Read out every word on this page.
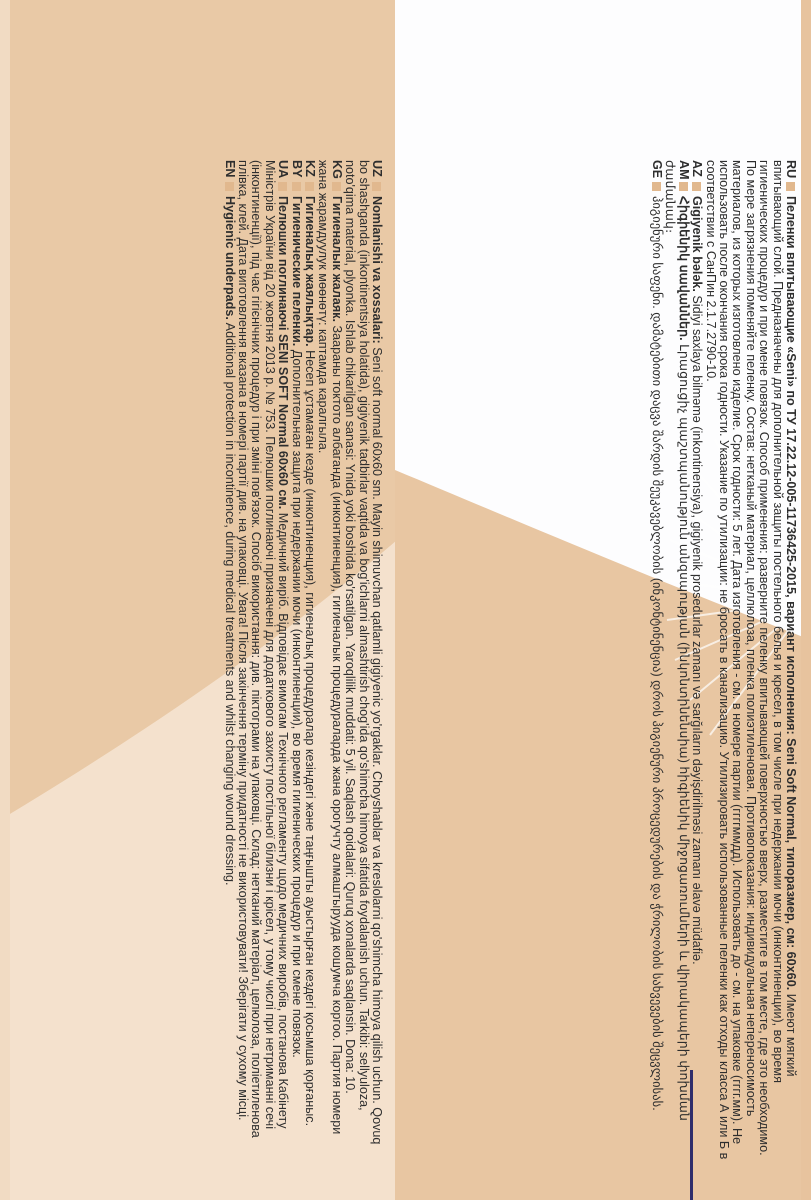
RUПеленки впитывающие «Seni» по ТУ 17.22.12-005-11736425-2015, вариант исполнения: Seni Soft Normal, типоразмер, см: 60х60. Имеют мягкий впитывающий слой. Предназначены для дополнительной защиты постельного белья и кресел, в том числе при недержании мочи (инконтиненции), во время гигиенических процедур и при смене повязок. Способ применения: разверните пеленку впитывающей поверхностью вверх, разместите в том месте, где это необходимо. По мере загрязнения поменяйте пеленку. Состав: нетканый материал, целлюлоза, пленка полиэтиленовая. Противопоказания: индивидуальная непереносимость материалов, из которых изготовлено изделие. Срок годности: 5 лет. Дата изготовления - см. в номере партии (ггггммдд). Использовать до - см. на упаковке (гггг.мм). Не использовать после окончания срока годности. Указание по утилизации: не бросать в канализацию. Утилизировать использованные пеленки как отходы класса А или Б в соответствии с СанПин 2.1.7.2790-10.

AZGigiyenik bələk. Sidiyi saxlaya bilməmə (inkontinensiya), gigiyenik prosedurlar zamanı və sarğıların dəyişdirilməsi zamanı əlavə müdafiə.

AMՀիգիենիկ սավաններ. Լրացուցիչ պաշտպանություն անզսպության (ինկոնտինենսիա) հիգիենիկ միջոցառումների և վիրակապերի փոխման ժամանակ։

GEჰიგიენური საფენი. დამატებითი დაცვა შარდის შეუკავებლობის (ინკონტინენცია) დროს ჰიგიენური პროცედურების და ჭრილობის სახვევების შეცვლისას.

UZNomlanishi va xossalari: Seni soft normal 60x60 sm. Mayin shimuvchan qatlamli gigiyenic yo'rgaklar. Choyshablar va kreslolarni qo'shimcha himoya qilish uchun. Qovuq bo shashganda (inkontinentsiya holatida), gigiyenik tadbirlar vaqtida va bog'ichlarni almashtirish chog'ida qo'shimcha himoya sifatida foydalanish uchun. Tarkibi: sellyuloza, noto'qima material, plyonka. Ishlab chikarilgan sanasi: Ynida yoki boshida ko'rsatilgan. Yaroqlilik muddati: 5 yil. Saqlash qoidalari: Quruq xonalarda saqlansin. Dona: 10.

KGГигиеналык жалаяк. Заараны токтото албаганда (инконтиненция), гигиеналык процедураларда жана орогучту алмаштырууда кошумча коргоо. Партия номери жана жарамдуулук мөөнөтү: каптамда каралгыла.

KZГигиеналық жаялықтар. Несеп ұстамаған кезде (инконтиненция), гигиеналық процедуралар кезіндегі және таңғышты ауыстырған кездегі қосымша қорғаныс.

BYГигиенические пеленки. Дополнительная защита при недержании мочи (инконтиненции), во время гигиенических процедур и при смене повязок.

UAПелюшки поглинаючі SENI SOFT Normal 60x60 см. Медичний виріб. Відповідає вимогам Технічного регламенту щодо медичних виробів, постанова Кабінету Міністрів України від 20 жовтня 2013 р. № 753. Пелюшки поглинаючі призначені для додаткового захисту постільної білизни і крісел, у тому числі при нетриманні сечі (інконтиненції), під час гігієнічних процедур і при зміні пов'язок. Спосіб використання: див. піктограми на упаковці. Склад: нетканий матеріал, целюлоза, поліетиленова плівка, клей. Дата виготовлення вказана в номері партії див. на упаковці. Увага! Після закінчення терміну придатності не використовувати! Зберігати у сухому місці.

ENHygienic underpads. Additional protection in incontinence, during medical treatments and whilst changing wound dressing.
